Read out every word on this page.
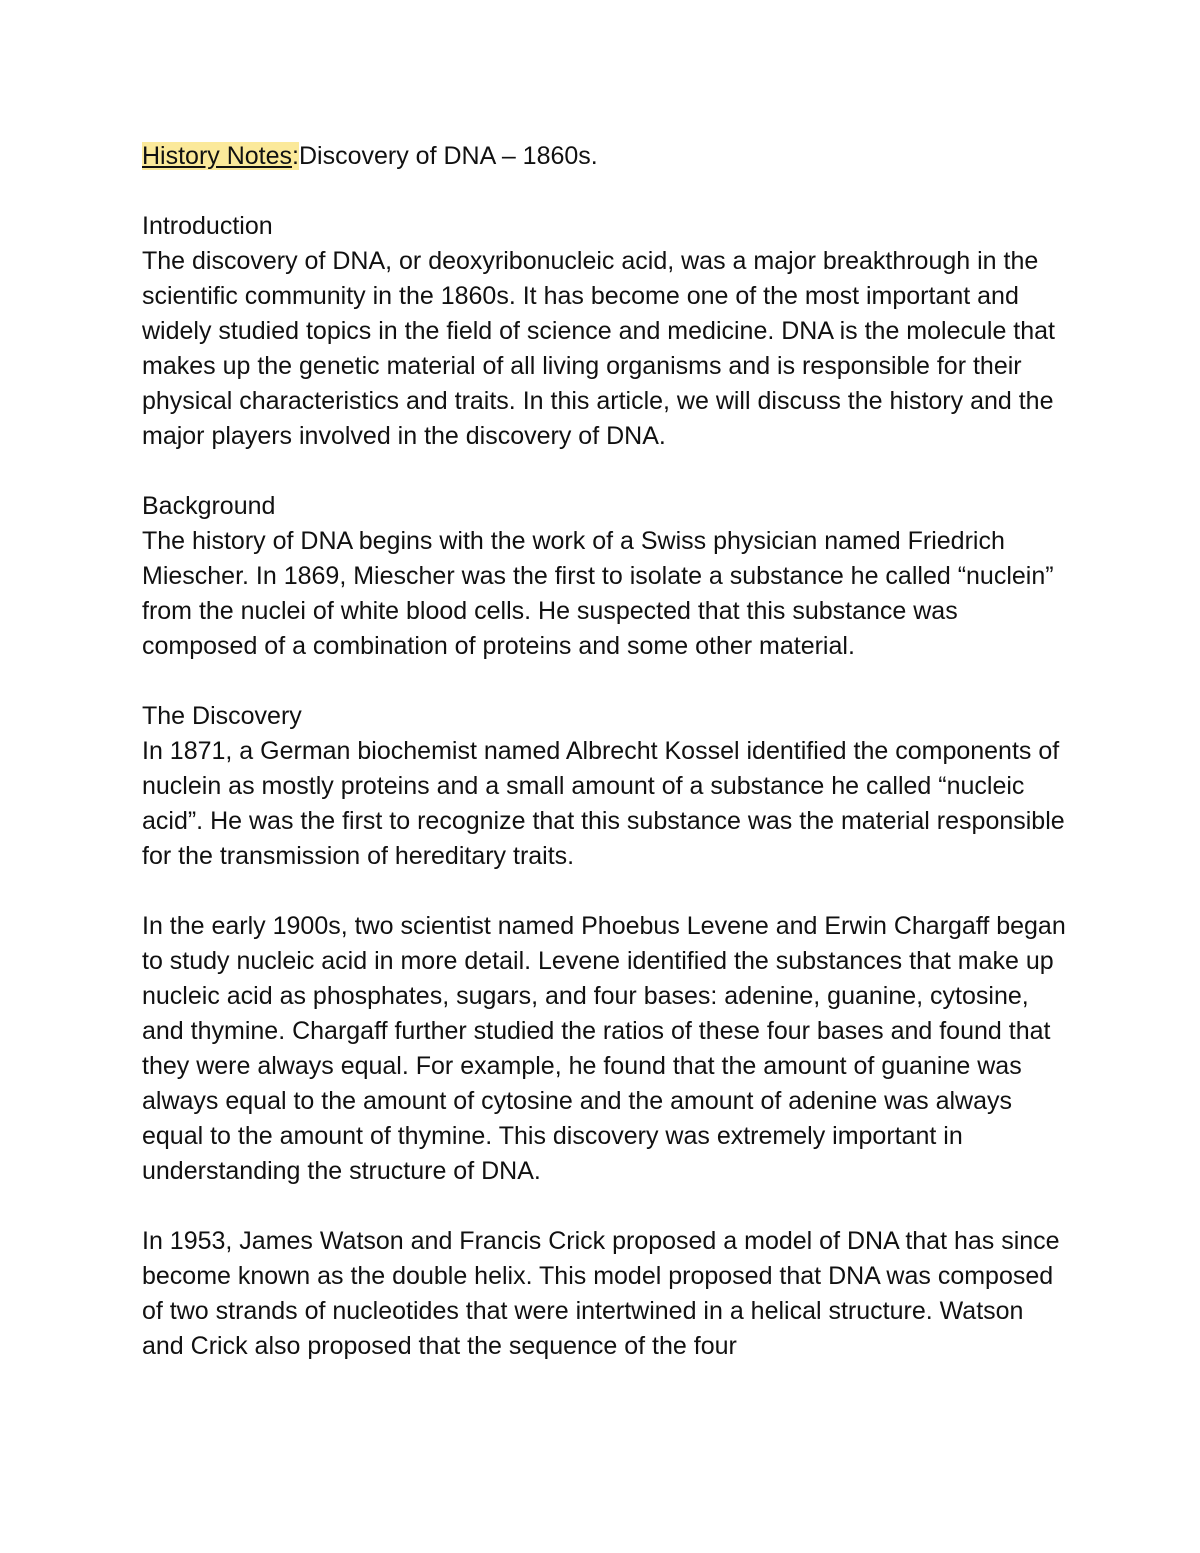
History Notes:Discovery of DNA – 1860s.

Introduction

The discovery of DNA, or deoxyribonucleic acid, was a major breakthrough in the scientific community in the 1860s. It has become one of the most important and widely studied topics in the field of science and medicine. DNA is the molecule that makes up the genetic material of all living organisms and is responsible for their physical characteristics and traits. In this article, we will discuss the history and the major players involved in the discovery of DNA.

Background

The history of DNA begins with the work of a Swiss physician named Friedrich Miescher. In 1869, Miescher was the first to isolate a substance he called “nuclein” from the nuclei of white blood cells. He suspected that this substance was composed of a combination of proteins and some other material.

The Discovery

In 1871, a German biochemist named Albrecht Kossel identified the components of nuclein as mostly proteins and a small amount of a substance he called “nucleic acid”. He was the first to recognize that this substance was the material responsible for the transmission of hereditary traits.

In the early 1900s, two scientist named Phoebus Levene and Erwin Chargaff began to study nucleic acid in more detail. Levene identified the substances that make up nucleic acid as phosphates, sugars, and four bases: adenine, guanine, cytosine, and thymine. Chargaff further studied the ratios of these four bases and found that they were always equal. For example, he found that the amount of guanine was always equal to the amount of cytosine and the amount of adenine was always equal to the amount of thymine. This discovery was extremely important in understanding the structure of DNA.

In 1953, James Watson and Francis Crick proposed a model of DNA that has since become known as the double helix. This model proposed that DNA was composed of two strands of nucleotides that were intertwined in a helical structure. Watson and Crick also proposed that the sequence of the four
